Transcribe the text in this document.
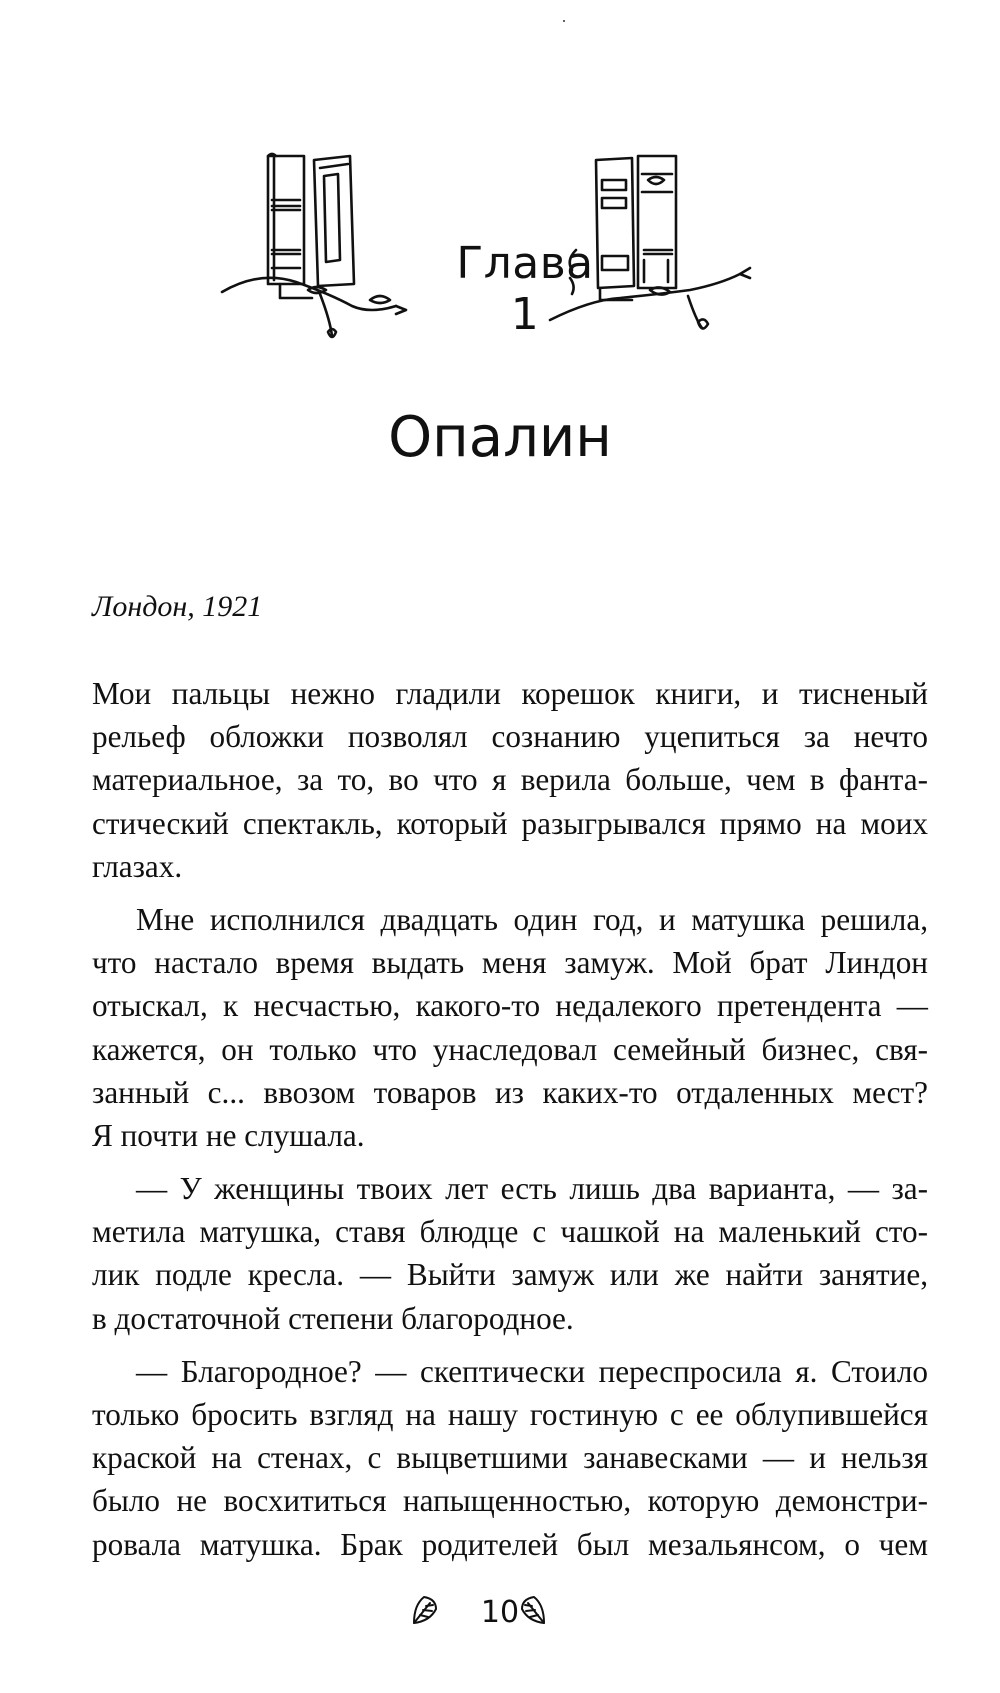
Глава 1
Опалин
Лондон, 1921
Мои пальцы нежно гладили корешок книги, и тисненый
рельеф обложки позволял сознанию уцепиться за нечто
материальное, за то, во что я верила больше, чем в фанта-
стический спектакль, который разыгрывался прямо на моих
глазах.
Мне исполнился двадцать один год, и матушка решила,
что настало время выдать меня замуж. Мой брат Линдон
отыскал, к несчастью, какого-то недалекого претендента —
кажется, он только что унаследовал семейный бизнес, свя-
занный с... ввозом товаров из каких-то отдаленных мест?
Я почти не слушала.
— У женщины твоих лет есть лишь два варианта, — за-
метила матушка, ставя блюдце с чашкой на маленький сто-
лик подле кресла. — Выйти замуж или же найти занятие,
в достаточной степени благородное.
— Благородное? — скептически переспросила я. Стоило
только бросить взгляд на нашу гостиную с ее облупившейся
краской на стенах, с выцветшими занавесками — и нельзя
было не восхититься напыщенностью, которую демонстри-
ровала матушка. Брак родителей был мезальянсом, о чем
10
